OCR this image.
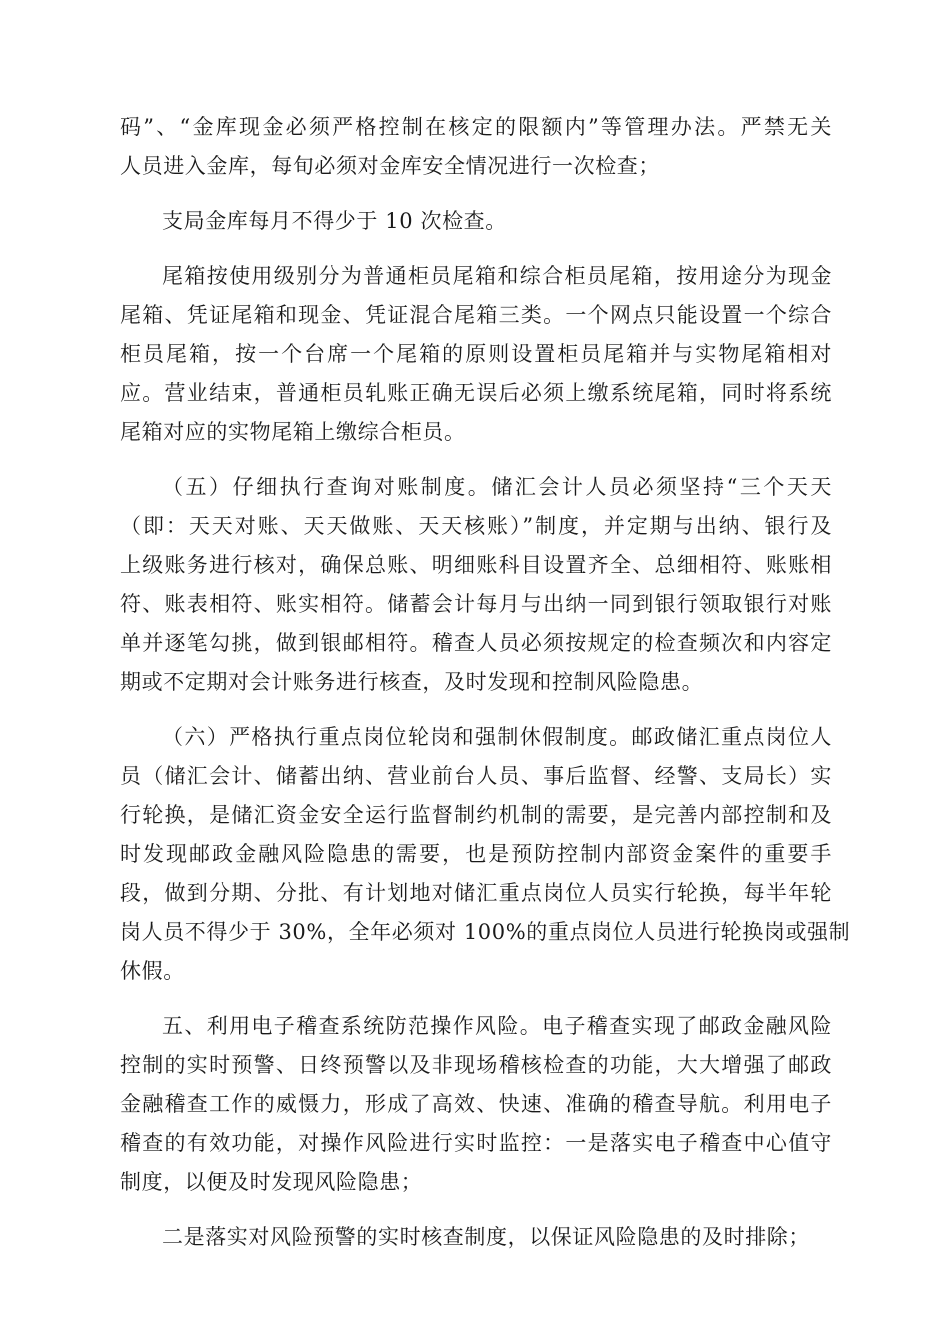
码”、“金库现金必须严格控制在核定的限额内”等管理办法。严禁无关
人员进入金库，每旬必须对金库安全情况进行一次检查；

支局金库每月不得少于 10 次检查。

尾箱按使用级别分为普通柜员尾箱和综合柜员尾箱，按用途分为现金
尾箱、凭证尾箱和现金、凭证混合尾箱三类。一个网点只能设置一个综合
柜员尾箱，按一个台席一个尾箱的原则设置柜员尾箱并与实物尾箱相对
应。营业结束，普通柜员轧账正确无误后必须上缴系统尾箱，同时将系统
尾箱对应的实物尾箱上缴综合柜员。

（五）仔细执行查询对账制度。储汇会计人员必须坚持“三个天天
（即：天天对账、天天做账、天天核账）”制度，并定期与出纳、银行及
上级账务进行核对，确保总账、明细账科目设置齐全、总细相符、账账相
符、账表相符、账实相符。储蓄会计每月与出纳一同到银行领取银行对账
单并逐笔勾挑，做到银邮相符。稽查人员必须按规定的检查频次和内容定
期或不定期对会计账务进行核查，及时发现和控制风险隐患。

（六）严格执行重点岗位轮岗和强制休假制度。邮政储汇重点岗位人
员（储汇会计、储蓄出纳、营业前台人员、事后监督、经警、支局长）实
行轮换，是储汇资金安全运行监督制约机制的需要，是完善内部控制和及
时发现邮政金融风险隐患的需要，也是预防控制内部资金案件的重要手
段，做到分期、分批、有计划地对储汇重点岗位人员实行轮换，每半年轮
岗人员不得少于 30%，全年必须对 100%的重点岗位人员进行轮换岗或强制
休假。

五、利用电子稽查系统防范操作风险。电子稽查实现了邮政金融风险
控制的实时预警、日终预警以及非现场稽核检查的功能，大大增强了邮政
金融稽查工作的威慑力，形成了高效、快速、准确的稽查导航。利用电子
稽查的有效功能，对操作风险进行实时监控：一是落实电子稽查中心值守
制度，以便及时发现风险隐患；

二是落实对风险预警的实时核查制度，以保证风险隐患的及时排除；
